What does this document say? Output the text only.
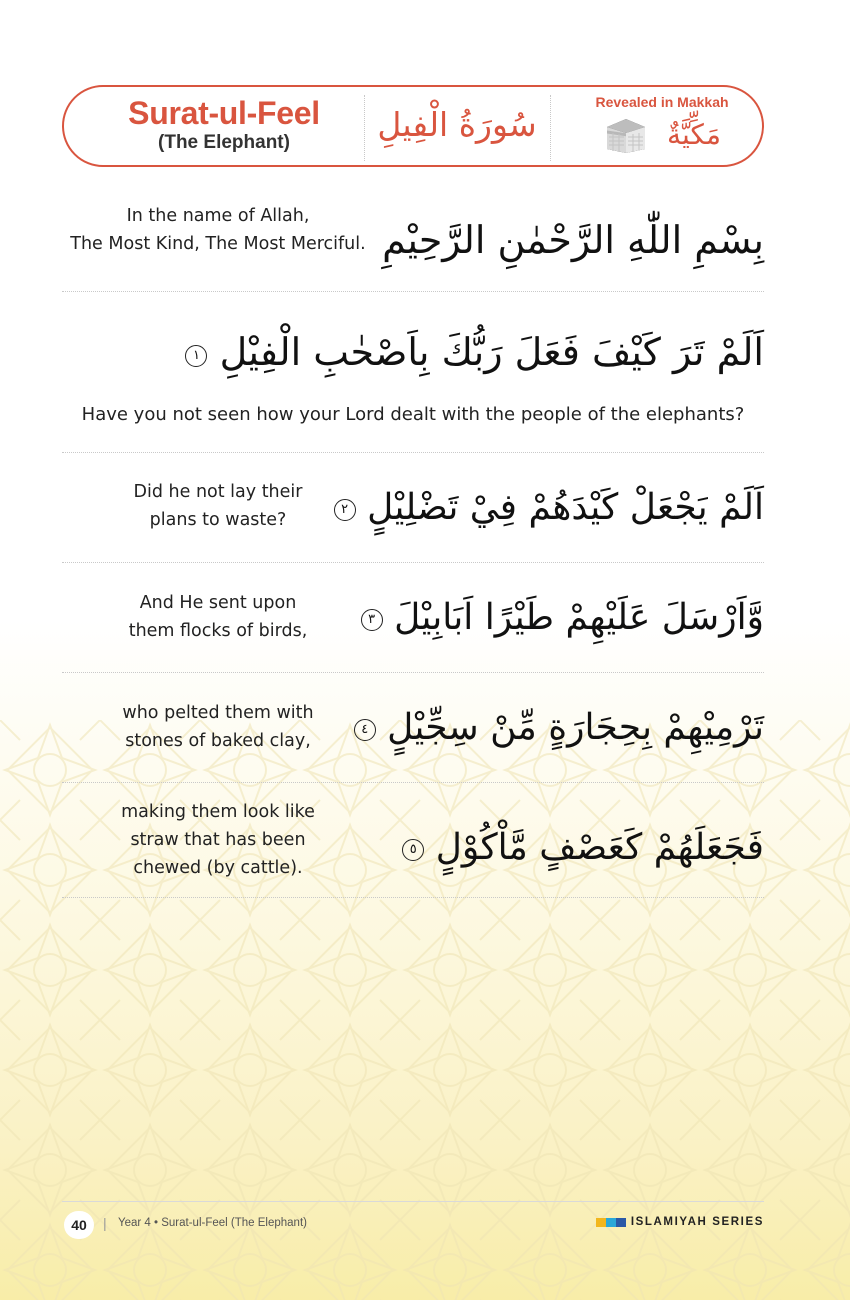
Surat-ul-Feel
(The Elephant)	سُورَةُ الْفِيلِ
Revealed in Makkah
مَكِّيَّةٌ
In the name of Allah,
The Most Kind, The Most Merciful. بِسْمِ اللّٰهِ الرَّحْمٰنِ الرَّحِيْمِ
اَلَمْ تَرَ كَيْفَ فَعَلَ رَبُّكَ بِاَصْحٰبِ الْفِيْلِ ١
Have you not seen how your Lord dealt with the people of the elephants?
Did he not lay their
plans to waste?	اَلَمْ يَجْعَلْ كَيْدَهُمْ فِيْ تَضْلِيْلٍ ٢
And He sent upon
them flocks of birds,	وَّاَرْسَلَ عَلَيْهِمْ طَيْرًا اَبَابِيْلَ ٣
who pelted them with
stones of baked clay,	تَرْمِيْهِمْ بِحِجَارَةٍ مِّنْ سِجِّيْلٍ ٤
making them look like
straw that has been
chewed (by cattle).	فَجَعَلَهُمْ كَعَصْفٍ مَّاْكُوْلٍ ٥
40	| Year 4 • Surat-ul-Feel (The Elephant)	ISLAMIYAH SERIES
